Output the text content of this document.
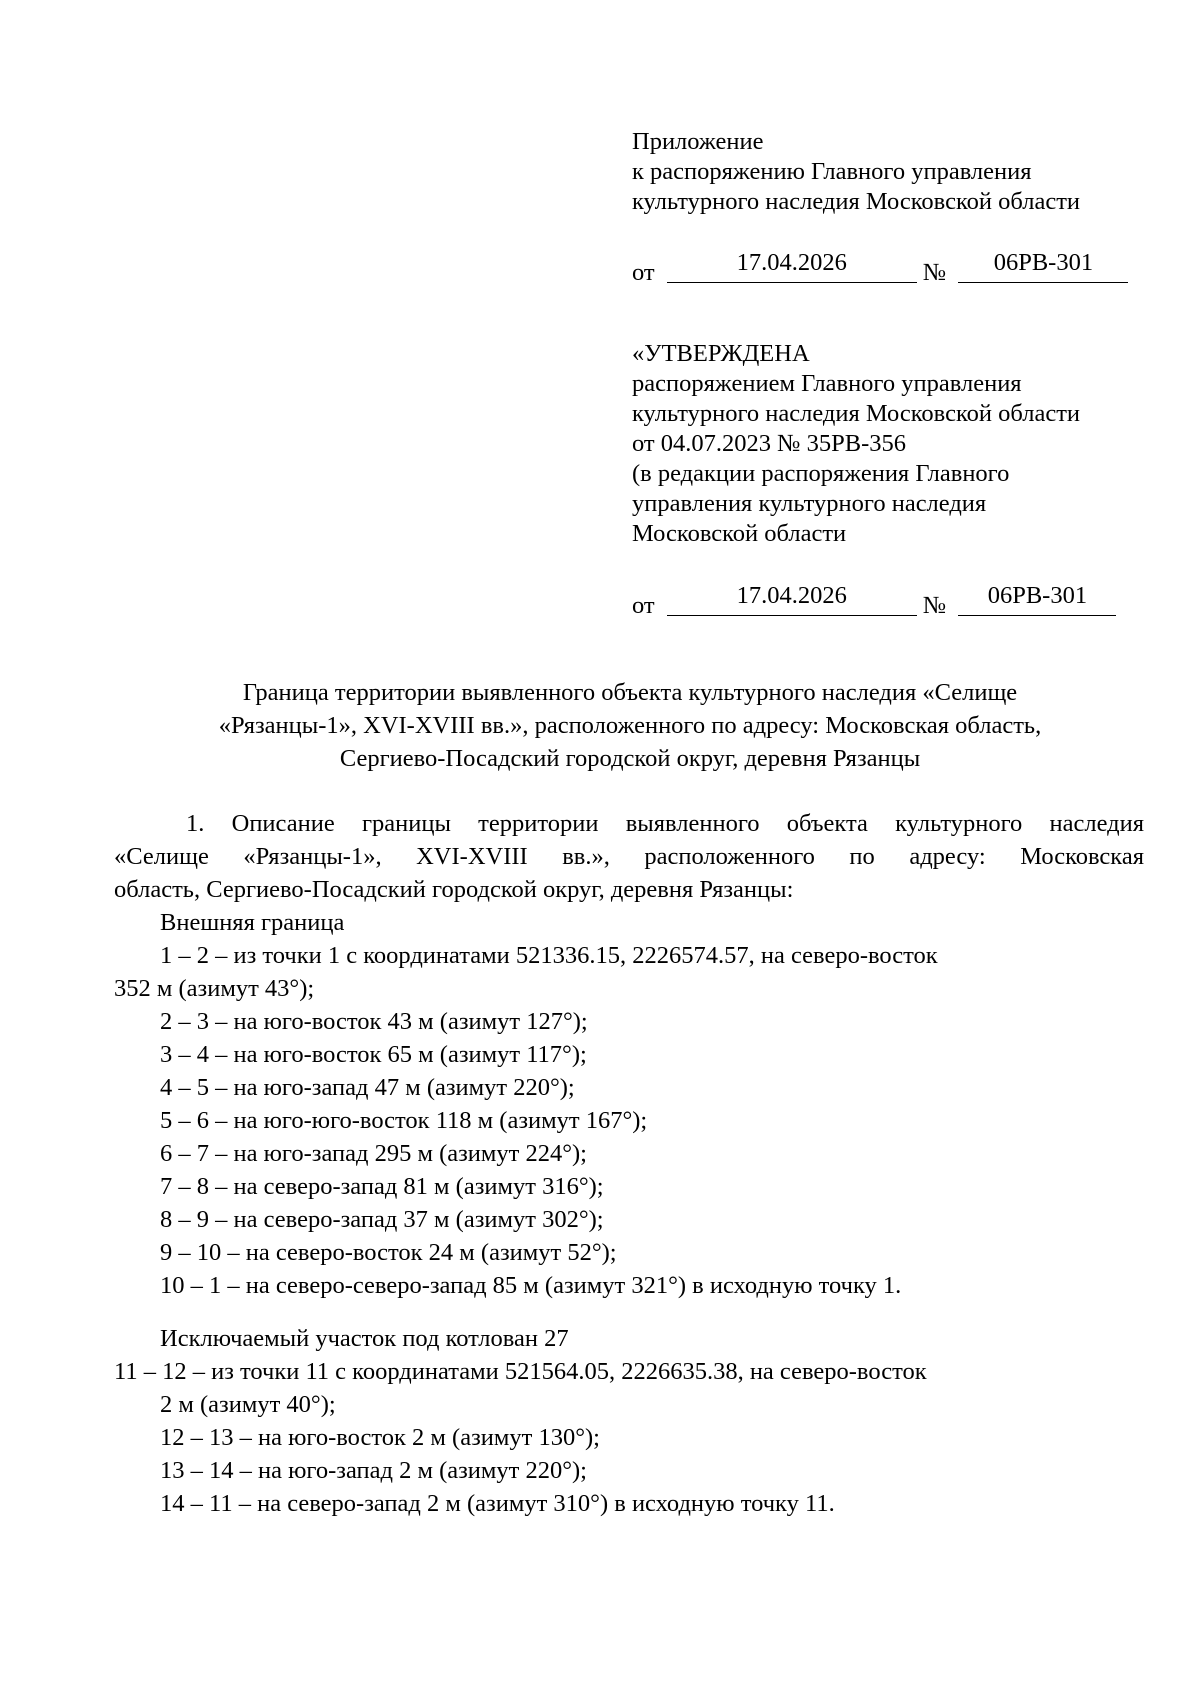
Приложение
к распоряжению Главного управления
культурного наследия Московской области
от	17.04.2026	№ 06РВ-301
«УТВЕРЖДЕНА
распоряжением Главного управления
культурного наследия Московской области
от 04.07.2023 № 35РВ-356
(в редакции распоряжения Главного
управления культурного наследия
Московской области
от	17.04.2026	№ 06РВ-301
Граница территории выявленного объекта культурного наследия «Селище
«Рязанцы-1», XVI-XVIII вв.», расположенного по адресу: Московская область,
Сергиево-Посадский городской округ, деревня Рязанцы
1. Описание границы территории выявленного объекта культурного наследия
«Селище «Рязанцы-1», XVI-XVIII вв.», расположенного по адресу: Московская
область, Сергиево-Посадский городской округ, деревня Рязанцы:
Внешняя граница
1 – 2 – из точки 1 с координатами 521336.15, 2226574.57, на северо-восток
352 м (азимут 43°);
2 – 3 – на юго-восток 43 м (азимут 127°);
3 – 4 – на юго-восток 65 м (азимут 117°);
4 – 5 – на юго-запад 47 м (азимут 220°);
5 – 6 – на юго-юго-восток 118 м (азимут 167°);
6 – 7 – на юго-запад 295 м (азимут 224°);
7 – 8 – на северо-запад 81 м (азимут 316°);
8 – 9 – на северо-запад 37 м (азимут 302°);
9 – 10 – на северо-восток 24 м (азимут 52°);
10 – 1 – на северо-северо-запад 85 м (азимут 321°) в исходную точку 1.
Исключаемый участок под котлован 27
11 – 12 – из точки 11 с координатами 521564.05, 2226635.38, на северо-восток
2 м (азимут 40°);
12 – 13 – на юго-восток 2 м (азимут 130°);
13 – 14 – на юго-запад 2 м (азимут 220°);
14 – 11 – на северо-запад 2 м (азимут 310°) в исходную точку 11.
